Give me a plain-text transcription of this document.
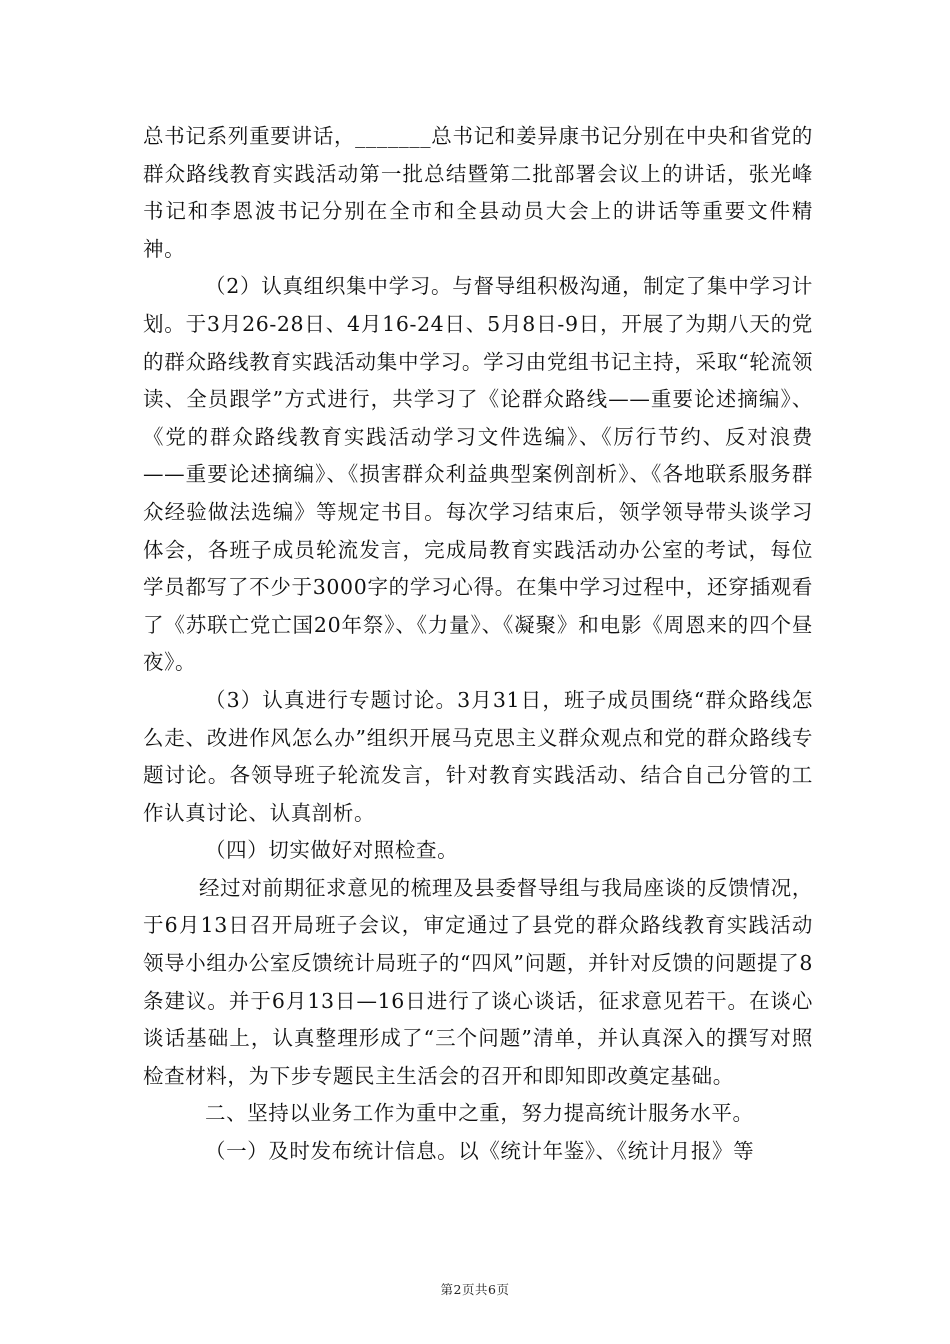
总书记系列重要讲话，_______总书记和姜异康书记分别在中央和省党的群众路线教育实践活动第一批总结暨第二批部署会议上的讲话，张光峰书记和李恩波书记分别在全市和全县动员大会上的讲话等重要文件精神。

（2）认真组织集中学习。与督导组积极沟通，制定了集中学习计划。于3月26-28日、4月16-24日、5月8日-9日，开展了为期八天的党的群众路线教育实践活动集中学习。学习由党组书记主持，采取“轮流领读、全员跟学”方式进行，共学习了《论群众路线——重要论述摘编》、《党的群众路线教育实践活动学习文件选编》、《厉行节约、反对浪费——重要论述摘编》、《损害群众利益典型案例剖析》、《各地联系服务群众经验做法选编》等规定书目。每次学习结束后，领学领导带头谈学习体会，各班子成员轮流发言，完成局教育实践活动办公室的考试，每位学员都写了不少于3000字的学习心得。在集中学习过程中，还穿插观看了《苏联亡党亡国20年祭》、《力量》、《凝聚》和电影《周恩来的四个昼夜》。

（3）认真进行专题讨论。3月31日，班子成员围绕“群众路线怎么走、改进作风怎么办”组织开展马克思主义群众观点和党的群众路线专题讨论。各领导班子轮流发言，针对教育实践活动、结合自己分管的工作认真讨论、认真剖析。

（四）切实做好对照检查。

经过对前期征求意见的梳理及县委督导组与我局座谈的反馈情况，于6月13日召开局班子会议，审定通过了县党的群众路线教育实践活动领导小组办公室反馈统计局班子的“四风”问题，并针对反馈的问题提了8条建议。并于6月13日—16日进行了谈心谈话，征求意见若干。在谈心谈话基础上，认真整理形成了“三个问题”清单，并认真深入的撰写对照检查材料，为下步专题民主生活会的召开和即知即改奠定基础。

二、坚持以业务工作为重中之重，努力提高统计服务水平。

（一）及时发布统计信息。以《统计年鉴》、《统计月报》等

第2页共6页
